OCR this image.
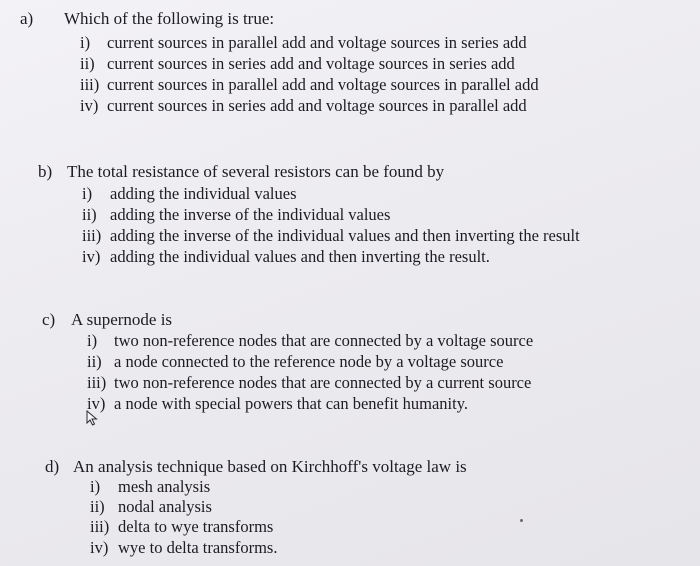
a) Which of the following is true:
i) current sources in parallel add and voltage sources in series add
ii) current sources in series add and voltage sources in series add
iii) current sources in parallel add and voltage sources in parallel add
iv) current sources in series add and voltage sources in parallel add
b) The total resistance of several resistors can be found by
i) adding the individual values
ii) adding the inverse of the individual values
iii) adding the inverse of the individual values and then inverting the result
iv) adding the individual values and then inverting the result.
c) A supernode is
i) two non-reference nodes that are connected by a voltage source
ii) a node connected to the reference node by a voltage source
iii) two non-reference nodes that are connected by a current source
iv) a node with special powers that can benefit humanity.
d) An analysis technique based on Kirchhoff's voltage law is
i) mesh analysis
ii) nodal analysis
iii) delta to wye transforms
iv) wye to delta transforms.
